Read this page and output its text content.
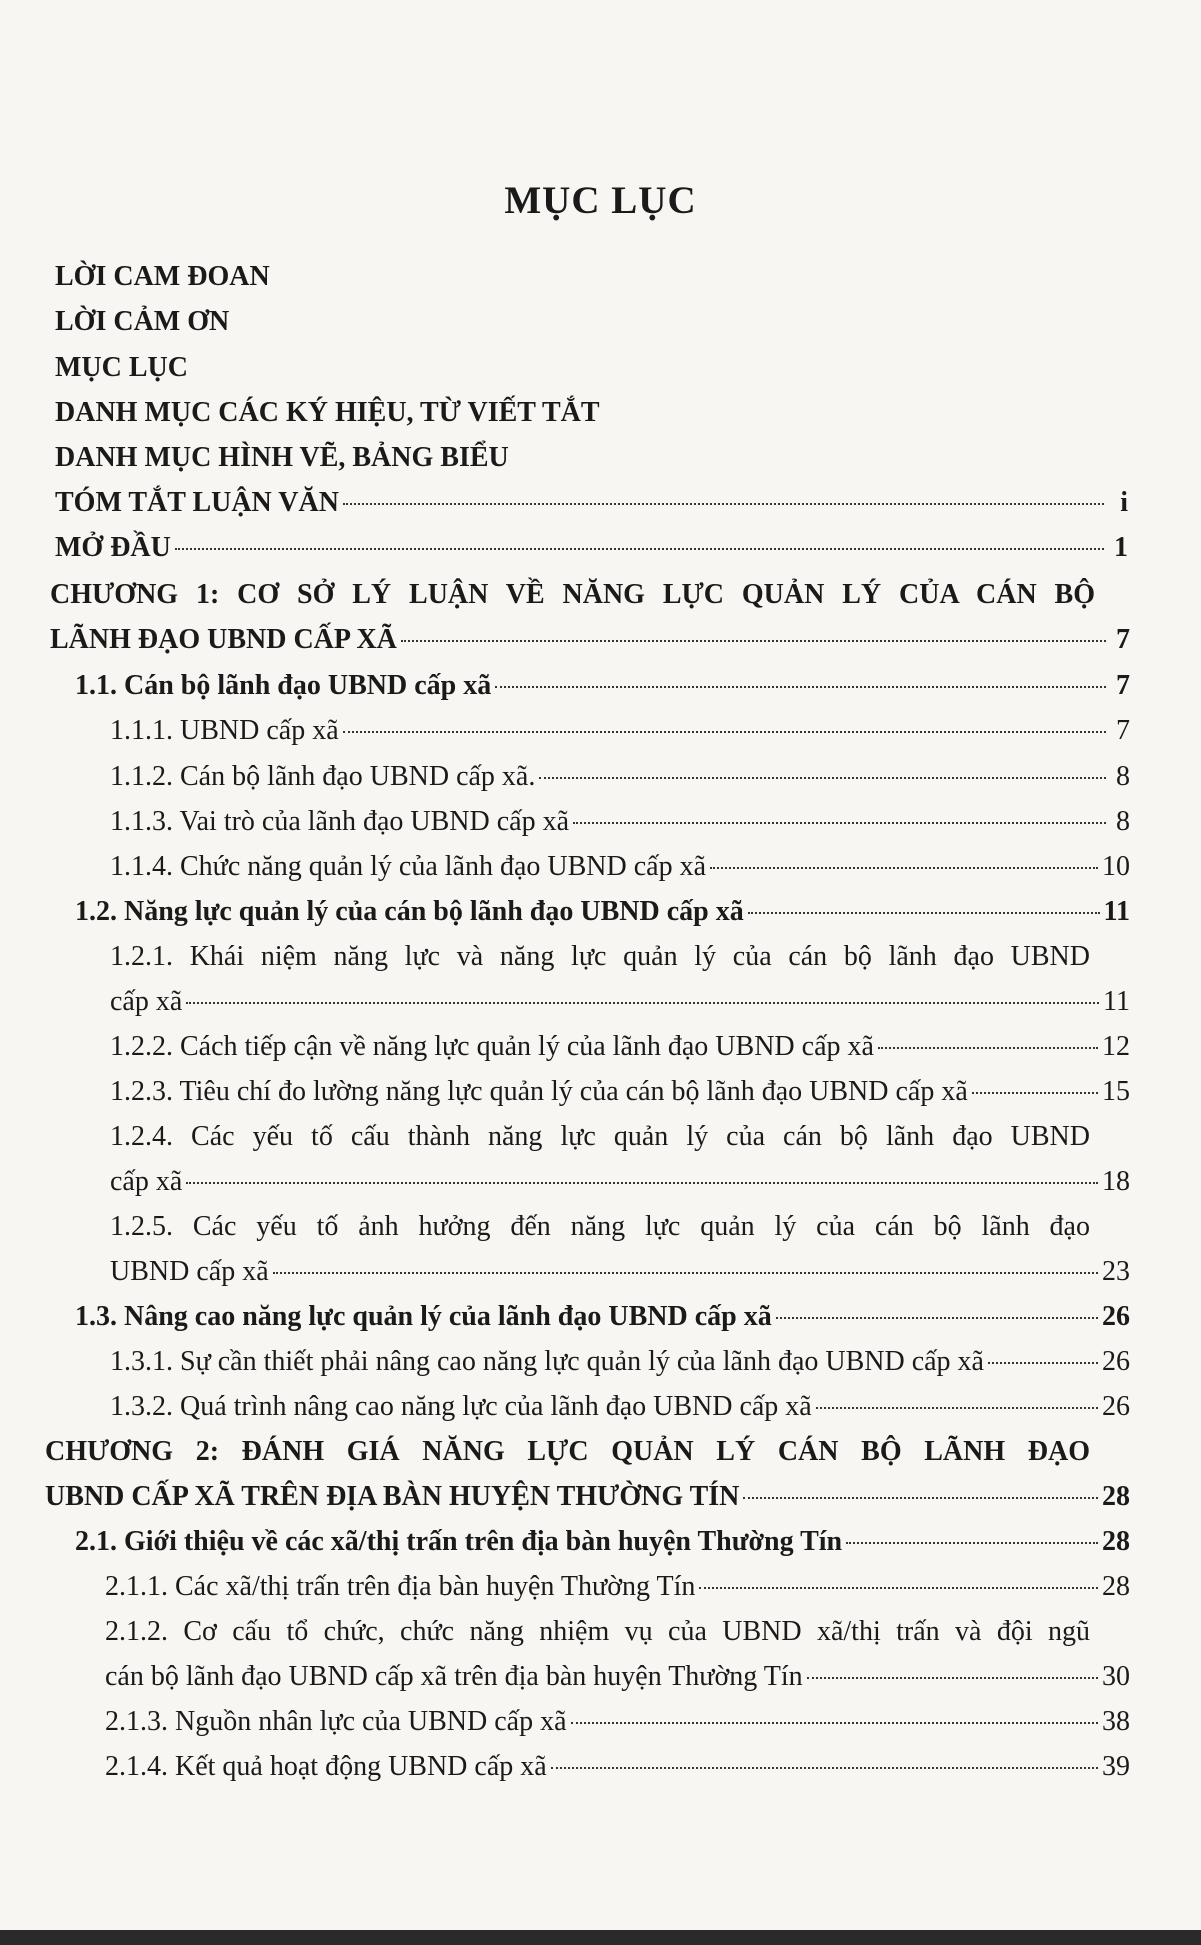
MỤC LỤC
LỜI CAM ĐOAN
LỜI CẢM ƠN
MỤC LỤC
DANH MỤC CÁC KÝ HIỆU, TỪ VIẾT TẮT
DANH MỤC HÌNH VẼ, BẢNG BIỂU
TÓM TẮT LUẬN VĂN	i
MỞ ĐẦU	1
CHƯƠNG 1: CƠ SỞ LÝ LUẬN VỀ NĂNG LỰC QUẢN LÝ CỦA CÁN BỘ
LÃNH ĐẠO UBND CẤP XÃ	7
1.1. Cán bộ lãnh đạo UBND cấp xã	7
1.1.1. UBND cấp xã	7
1.1.2. Cán bộ lãnh đạo UBND cấp xã.	8
1.1.3. Vai trò của lãnh đạo UBND cấp xã	8
1.1.4. Chức năng quản lý của lãnh đạo UBND cấp xã	10
1.2. Năng lực quản lý của cán bộ lãnh đạo UBND cấp xã	11
1.2.1. Khái niệm năng lực và năng lực quản lý của cán bộ lãnh đạo UBND
cấp xã	11
1.2.2. Cách tiếp cận về năng lực quản lý của lãnh đạo UBND cấp xã	12
1.2.3. Tiêu chí đo lường năng lực quản lý của cán bộ lãnh đạo UBND cấp xã	15
1.2.4. Các yếu tố cấu thành năng lực quản lý của cán bộ lãnh đạo UBND
cấp xã	18
1.2.5. Các yếu tố ảnh hưởng đến năng lực quản lý của cán bộ lãnh đạo
UBND cấp xã	23
1.3. Nâng cao năng lực quản lý của lãnh đạo UBND cấp xã	26
1.3.1. Sự cần thiết phải nâng cao năng lực quản lý của lãnh đạo UBND cấp xã	26
1.3.2. Quá trình nâng cao năng lực của lãnh đạo UBND cấp xã	26
CHƯƠNG 2: ĐÁNH GIÁ NĂNG LỰC QUẢN LÝ CÁN BỘ LÃNH ĐẠO
UBND CẤP XÃ TRÊN ĐỊA BÀN HUYỆN THƯỜNG TÍN	28
2.1. Giới thiệu về các xã/thị trấn trên địa bàn huyện Thường Tín	28
2.1.1. Các xã/thị trấn trên địa bàn huyện Thường Tín	28
2.1.2. Cơ cấu tổ chức, chức năng nhiệm vụ của UBND xã/thị trấn và đội ngũ
cán bộ lãnh đạo UBND cấp xã trên địa bàn huyện Thường Tín	30
2.1.3. Nguồn nhân lực của UBND cấp xã	38
2.1.4. Kết quả hoạt động UBND cấp xã	39
